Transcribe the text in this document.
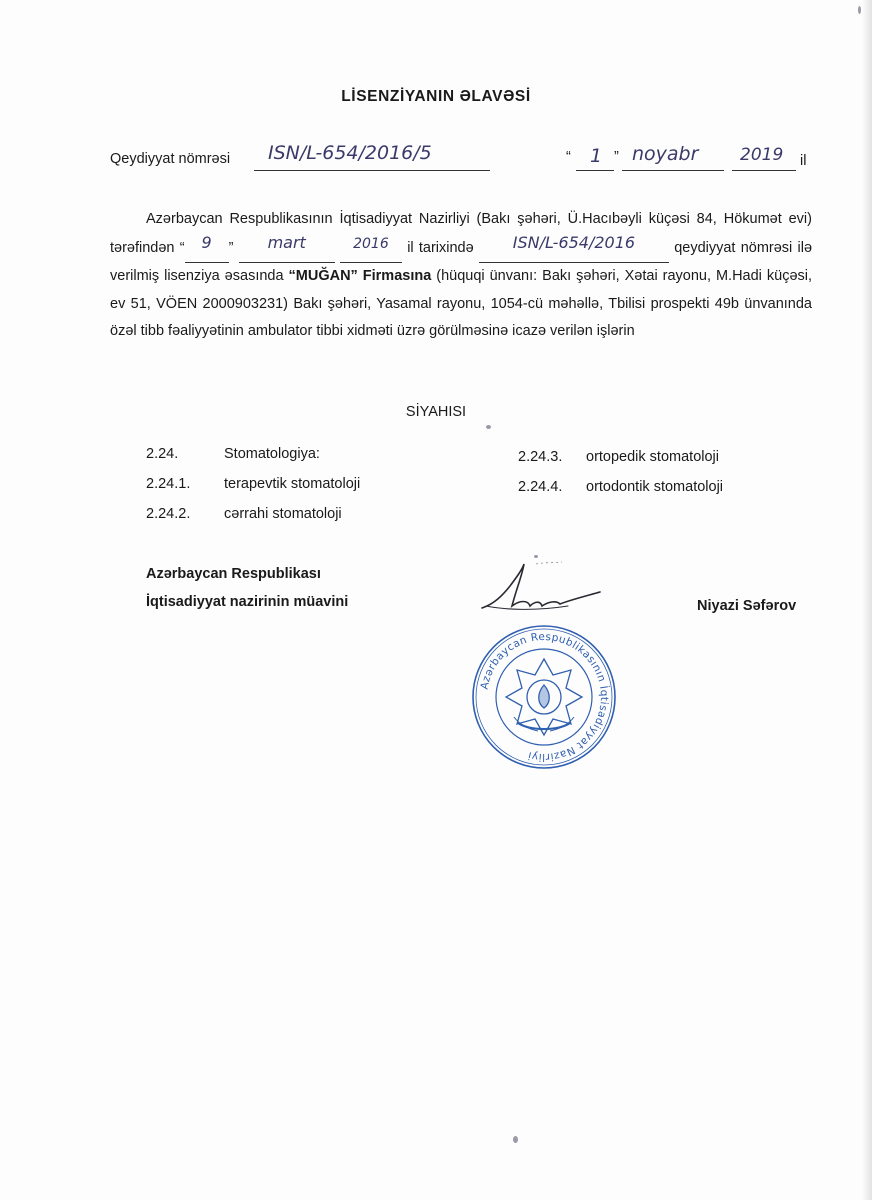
LİSENZİYANIN ƏLAVƏSİ
Qeydiyyat nömrəsi ISN/L-654/2016/5	“ 1 ” noyabr 2019 il
Azərbaycan Respublikasının İqtisadiyyat Nazirliyi (Bakı şəhəri, Ü.Hacıbəyli küçəsi 84, Hökumət evi) tərəfindən “ 9 ” mart	2016 il tarixində ISN/L-654/2016	qeydiyyat nömrəsi ilə verilmiş lisenziya əsasında “MUĞAN” Firmasına (hüquqi ünvanı: Bakı şəhəri, Xətai rayonu, M.Hadi küçəsi, ev 51, VÖEN 2000903231) Bakı şəhəri, Yasamal rayonu, 1054-cü məhəllə, Tbilisi prospekti 49b ünvanında özəl tibb fəaliyyətinin ambulator tibbi xidməti üzrə görülməsinə icazə verilən işlərin
SİYAHISI
2.24.	Stomatologiya:
2.24.1. terapevtik stomatoloji
2.24.2. cərrahi stomatoloji
2.24.3. ortopedik stomatoloji
2.24.4. ortodontik stomatoloji
Azərbaycan Respublikası
İqtisadiyyat nazirinin müavini	Niyazi Səfərov
Azərbaycan Respublikasının İqtisadiyyat Nazirliyi
